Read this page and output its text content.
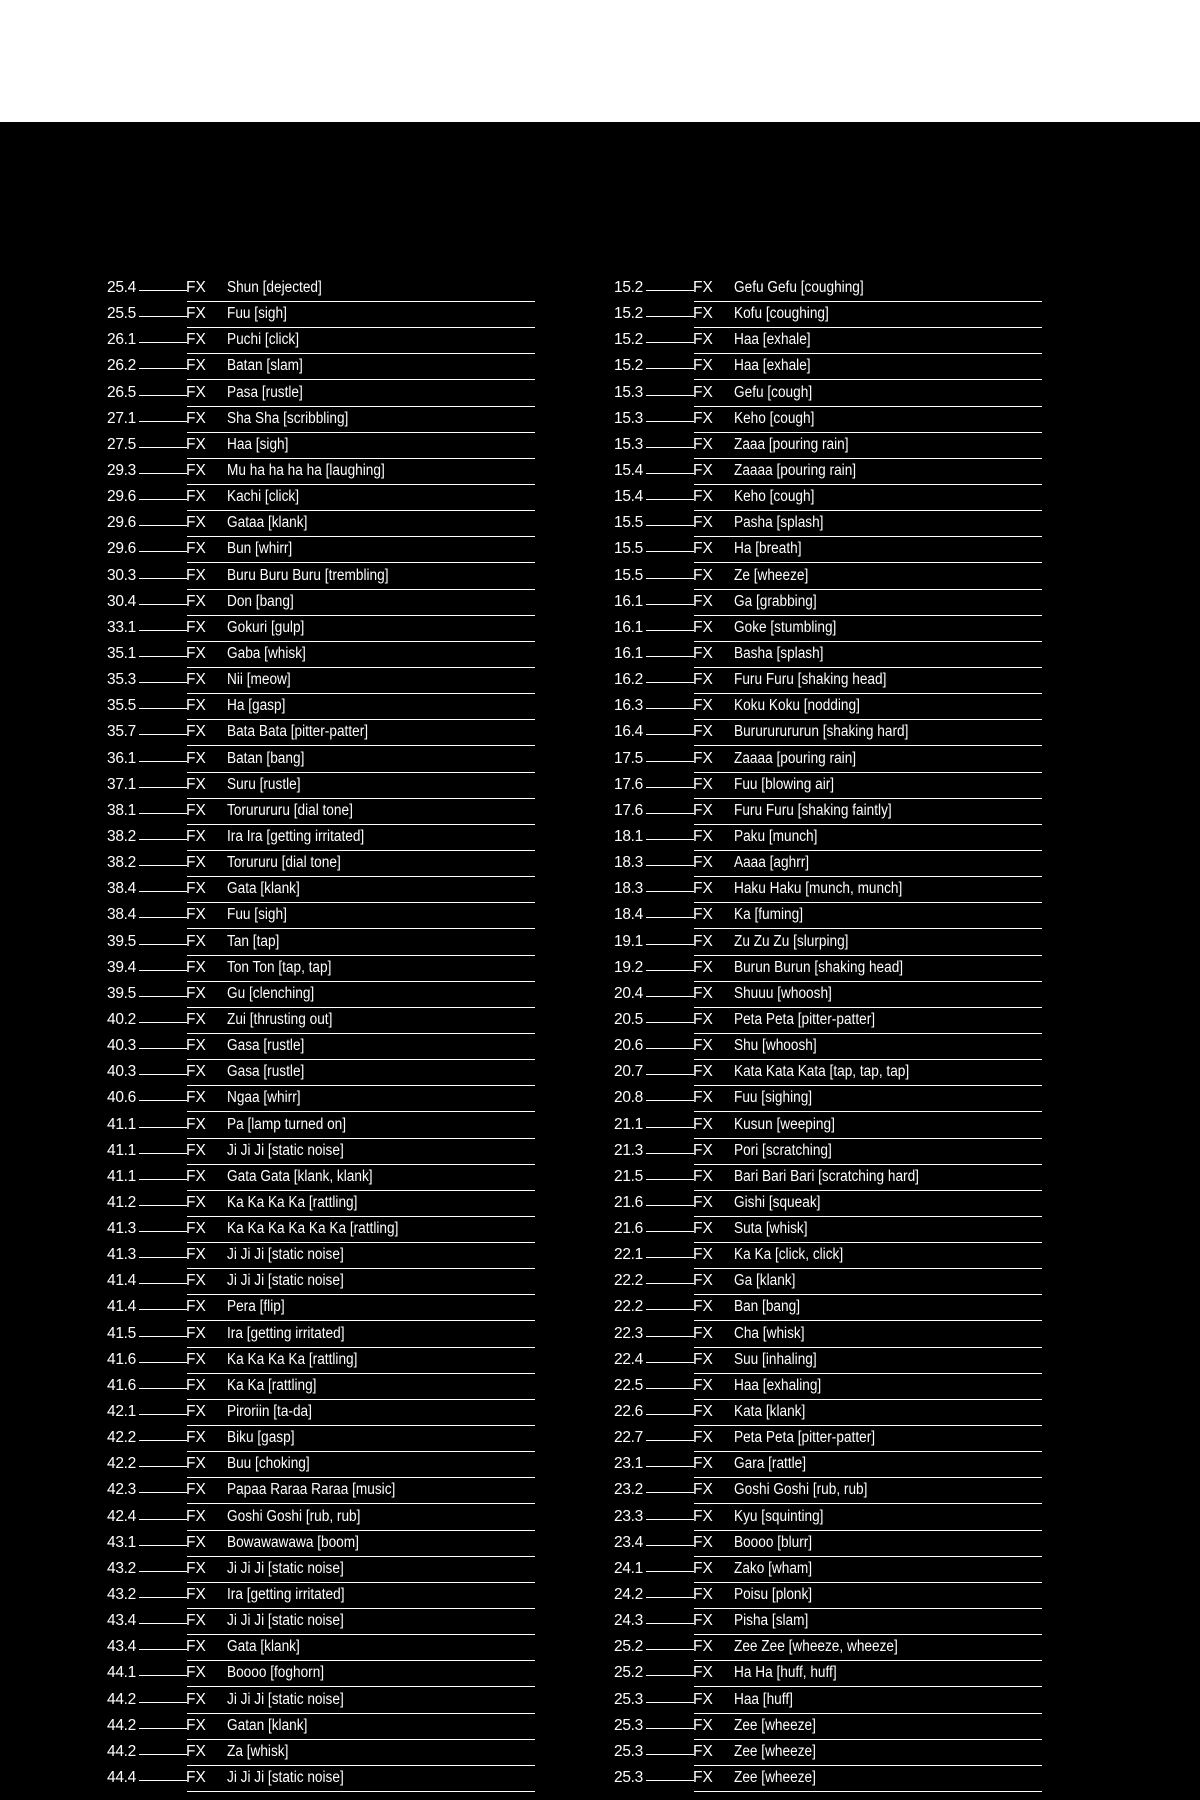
25.4	FX Shun [dejected]
25.5	FX Fuu [sigh]
26.1	FX Puchi [click]
26.2	FX Batan [slam]
26.5	FX Pasa [rustle]
27.1	FX Sha Sha [scribbling]
27.5	FX Haa [sigh]
29.3	FX Mu ha ha ha ha [laughing]
29.6	FX Kachi [click]
29.6	FX Gataa [klank]
29.6	FX Bun [whirr]
30.3	FX Buru Buru Buru [trembling]
30.4	FX Don [bang]
33.1	FX Gokuri [gulp]
35.1	FX Gaba [whisk]
35.3	FX Nii [meow]
35.5	FX Ha [gasp]
35.7	FX Bata Bata [pitter-patter]
36.1	FX Batan [bang]
37.1	FX Suru [rustle]
38.1	FX Torurururu [dial tone]
38.2	FX Ira Ira [getting irritated]
38.2	FX Torururu [dial tone]
38.4	FX Gata [klank]
38.4	FX Fuu [sigh]
39.5	FX Tan [tap]
39.4	FX Ton Ton [tap, tap]
39.5	FX Gu [clenching]
40.2	FX Zui [thrusting out]
40.3	FX Gasa [rustle]
40.3	FX Gasa [rustle]
40.6	FX Ngaa [whirr]
41.1	FX Pa [lamp turned on]
41.1	FX Ji Ji Ji [static noise]
41.1	FX Gata Gata [klank, klank]
41.2	FX Ka Ka Ka Ka [rattling]
41.3	FX Ka Ka Ka Ka Ka Ka [rattling]
41.3	FX Ji Ji Ji [static noise]
41.4	FX Ji Ji Ji [static noise]
41.4	FX Pera [flip]
41.5	FX Ira [getting irritated]
41.6	FX Ka Ka Ka Ka [rattling]
41.6	FX Ka Ka [rattling]
42.1	FX Piroriin [ta-da]
42.2	FX Biku [gasp]
42.2	FX Buu [choking]
42.3	FX Papaa Raraa Raraa [music]
42.4	FX Goshi Goshi [rub, rub]
43.1	FX Bowawawawa [boom]
43.2	FX Ji Ji Ji [static noise]
43.2	FX Ira [getting irritated]
43.4	FX Ji Ji Ji [static noise]
43.4	FX Gata [klank]
44.1	FX Boooo [foghorn]
44.2	FX Ji Ji Ji [static noise]
44.2	FX Gatan [klank]
44.2	FX Za [whisk]
44.4	FX Ji Ji Ji [static noise]
15.2	FX Gefu Gefu [coughing]
15.2	FX Kofu [coughing]
15.2	FX Haa [exhale]
15.2	FX Haa [exhale]
15.3	FX Gefu [cough]
15.3	FX Keho [cough]
15.3	FX Zaaa [pouring rain]
15.4	FX Zaaaa [pouring rain]
15.4	FX Keho [cough]
15.5	FX Pasha [splash]
15.5	FX Ha [breath]
15.5	FX Ze [wheeze]
16.1	FX Ga [grabbing]
16.1	FX Goke [stumbling]
16.1	FX Basha [splash]
16.2	FX Furu Furu [shaking head]
16.3	FX Koku Koku [nodding]
16.4	FX Burururururun [shaking hard]
17.5	FX Zaaaa [pouring rain]
17.6	FX Fuu [blowing air]
17.6	FX Furu Furu [shaking faintly]
18.1	FX Paku [munch]
18.3	FX Aaaa [aghrr]
18.3	FX Haku Haku [munch, munch]
18.4	FX Ka [fuming]
19.1	FX Zu Zu Zu [slurping]
19.2	FX Burun Burun [shaking head]
20.4	FX Shuuu [whoosh]
20.5	FX Peta Peta [pitter-patter]
20.6	FX Shu [whoosh]
20.7	FX Kata Kata Kata [tap, tap, tap]
20.8	FX Fuu [sighing]
21.1	FX Kusun [weeping]
21.3	FX Pori [scratching]
21.5	FX Bari Bari Bari [scratching hard]
21.6	FX Gishi [squeak]
21.6	FX Suta [whisk]
22.1	FX Ka Ka [click, click]
22.2	FX Ga [klank]
22.2	FX Ban [bang]
22.3	FX Cha [whisk]
22.4	FX Suu [inhaling]
22.5	FX Haa [exhaling]
22.6	FX Kata [klank]
22.7	FX Peta Peta [pitter-patter]
23.1	FX Gara [rattle]
23.2	FX Goshi Goshi [rub, rub]
23.3	FX Kyu [squinting]
23.4	FX Boooo [blurr]
24.1	FX Zako [wham]
24.2	FX Poisu [plonk]
24.3	FX Pisha [slam]
25.2	FX Zee Zee [wheeze, wheeze]
25.2	FX Ha Ha [huff, huff]
25.3	FX Haa [huff]
25.3	FX Zee [wheeze]
25.3	FX Zee [wheeze]
25.3	FX Zee [wheeze]
